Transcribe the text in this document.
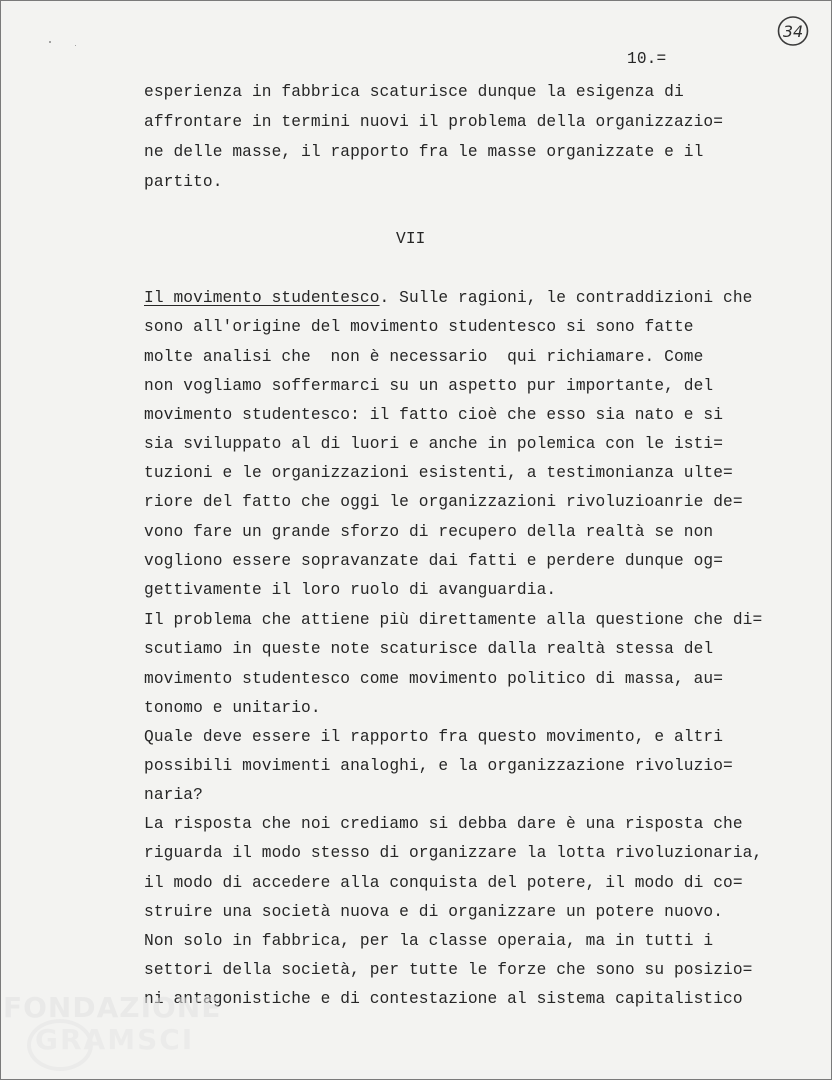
34

10.=

esperienza in fabbrica scaturisce dunque la esigenza di

affrontare in termini nuovi il problema della organizzazio=

ne delle masse, il rapporto fra le masse organizzate e il

partito.

VII

Il movimento studentesco. Sulle ragioni, le contraddizioni che

sono all'origine del movimento studentesco si sono fatte

molte analisi che  non è necessario  qui richiamare. Come

non vogliamo soffermarci su un aspetto pur importante, del

movimento studentesco: il fatto cioè che esso sia nato e si

sia sviluppato al di luori e anche in polemica con le isti=

tuzioni e le organizzazioni esistenti, a testimonianza ulte=

riore del fatto che oggi le organizzazioni rivoluzioanrie de=

vono fare un grande sforzo di recupero della realtà se non

vogliono essere sopravanzate dai fatti e perdere dunque og=

gettivamente il loro ruolo di avanguardia.

Il problema che attiene più direttamente alla questione che di=

scutiamo in queste note scaturisce dalla realtà stessa del

movimento studentesco come movimento politico di massa, au=

tonomo e unitario.

Quale deve essere il rapporto fra questo movimento, e altri

possibili movimenti analoghi, e la organizzazione rivoluzio=

naria?

La risposta che noi crediamo si debba dare è una risposta che

riguarda il modo stesso di organizzare la lotta rivoluzionaria,

il modo di accedere alla conquista del potere, il modo di co=

struire una società nuova e di organizzare un potere nuovo.

Non solo in fabbrica, per la classe operaia, ma in tutti i

settori della società, per tutte le forze che sono su posizio=

ni antagonistiche e di contestazione al sistema capitalistico

FONDAZIONE
GRAMSCI
